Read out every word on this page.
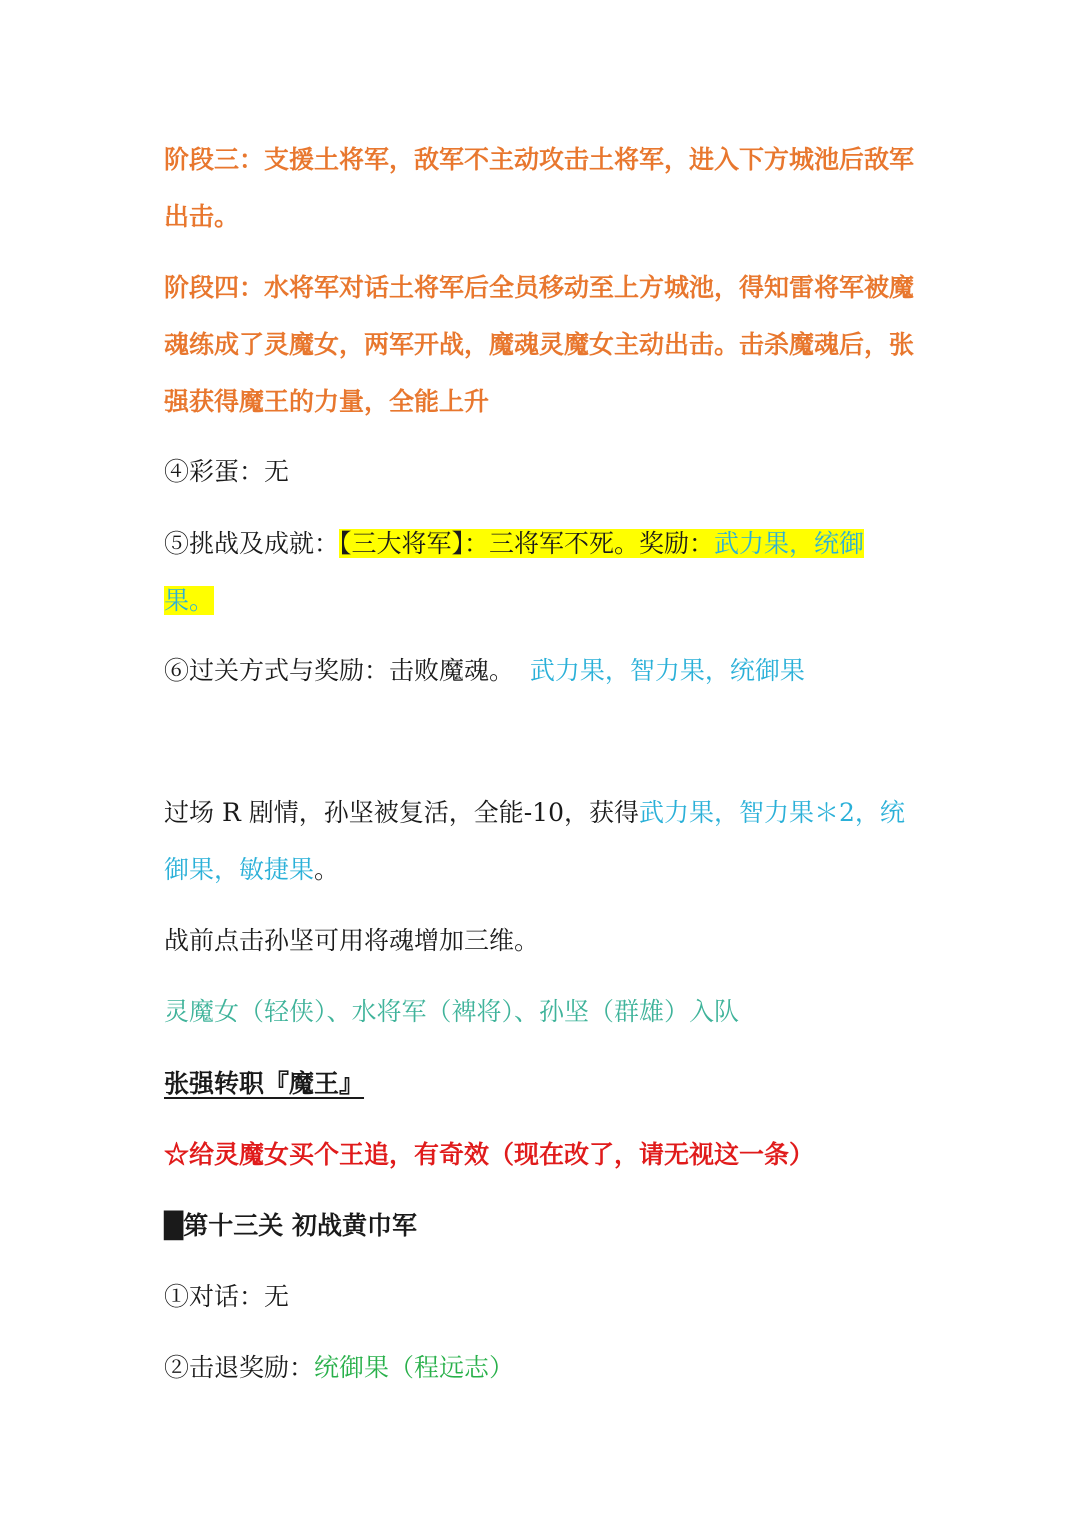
阶段三：支援土将军，敌军不主动攻击土将军，进入下方城池后敌军出击。

阶段四：水将军对话土将军后全员移动至上方城池，得知雷将军被魔魂练成了灵魔女，两军开战，魔魂灵魔女主动出击。击杀魔魂后，张强获得魔王的力量，全能上升

④彩蛋：无

⑤挑战及成就：【三大将军】：三将军不死。奖励：武力果，统御果。

⑥过关方式与奖励：击败魔魂。 武力果，智力果，统御果

过场 R 剧情，孙坚被复活，全能-10，获得武力果，智力果＊2，统御果，敏捷果。

战前点击孙坚可用将魂增加三维。

灵魔女（轻侠）、水将军（裨将）、孙坚（群雄）入队

张强转职『魔王』

☆给灵魔女买个王追，有奇效（现在改了，请无视这一条）

█第十三关 初战黄巾军

①对话：无

②击退奖励：统御果（程远志）
